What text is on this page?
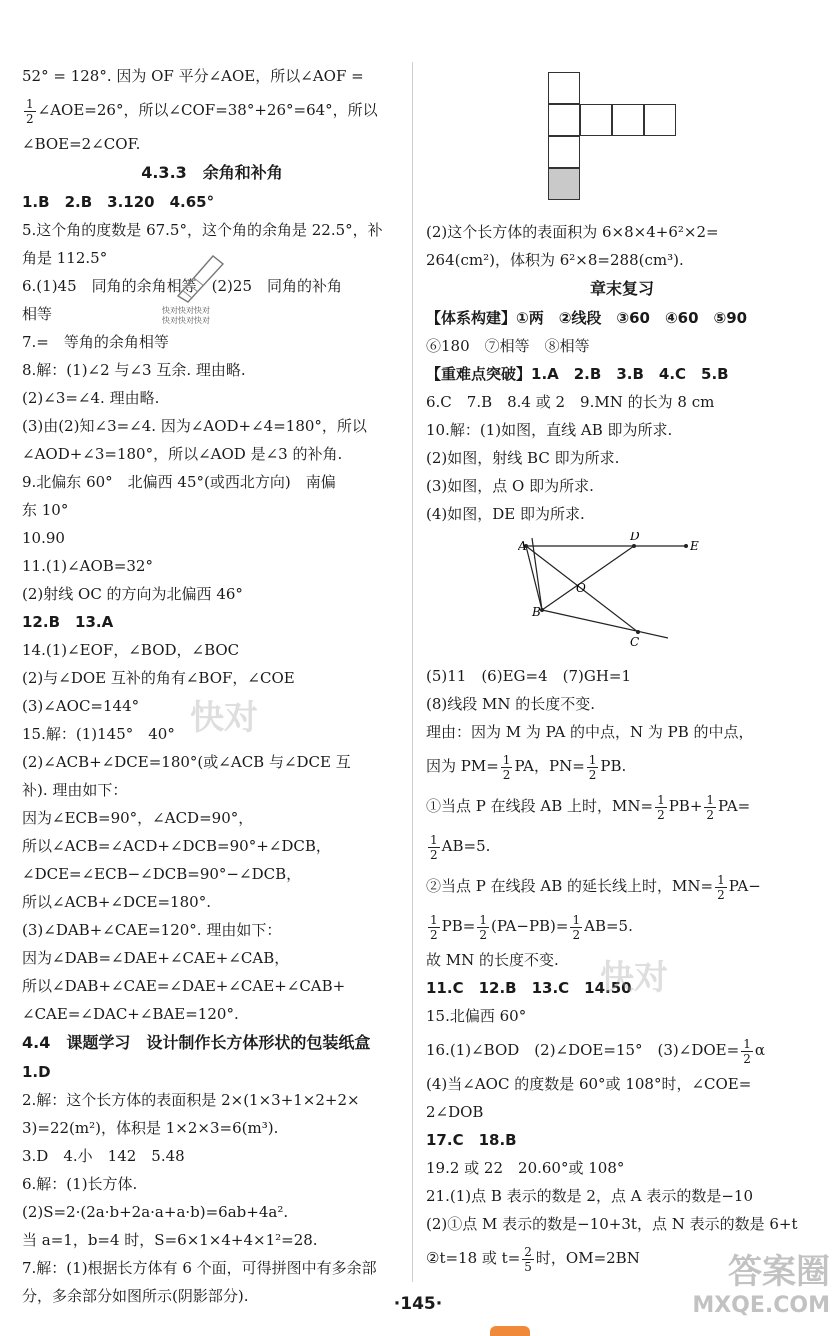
52° = 128°. 因为 OF 平分∠AOE，所以∠AOF =
$\frac{1}{2}$ ∠AOE=26°，所以∠COF=38°+26°=64°，所以
∠BOE=2∠COF.
4.3.3　余角和补角
1.B　2.B　3.120　4.65°
5.这个角的度数是 67.5°，这个角的余角是 22.5°，补
角是 112.5°
6.(1)45　同角的余角相等　(2)25　同角的补角
相等
7.=　等角的余角相等
8.解：(1)∠2 与∠3 互余. 理由略.
(2)∠3=∠4. 理由略.
(3)由(2)知∠3=∠4. 因为∠AOD+∠4=180°，所以
∠AOD+∠3=180°，所以∠AOD 是∠3 的补角.
9.北偏东 60°　北偏西 45°(或西北方向)　南偏
东 10°
10.90
11.(1)∠AOB=32°
(2)射线 OC 的方向为北偏西 46°
12.B　13.A
14.(1)∠EOF，∠BOD，∠BOC
(2)与∠DOE 互补的角有∠BOF，∠COE
(3)∠AOC=144°
15.解：(1)145°　40°
(2)∠ACB+∠DCE=180°(或∠ACB 与∠DCE 互
补). 理由如下：
因为∠ECB=90°，∠ACD=90°，
所以∠ACB=∠ACD+∠DCB=90°+∠DCB，
∠DCE=∠ECB−∠DCB=90°−∠DCB，
所以∠ACB+∠DCE=180°.
(3)∠DAB+∠CAE=120°. 理由如下：
因为∠DAB=∠DAE+∠CAE+∠CAB，
所以∠DAB+∠CAE=∠DAE+∠CAE+∠CAB+
∠CAE=∠DAC+∠BAE=120°.
4.4　课题学习　设计制作长方体形状的包装纸盒
1.D
2.解：这个长方体的表面积是 2×(1×3+1×2+2×
3)=22(m²)，体积是 1×2×3=6(m³).
3.D　4.小　142　5.48
6.解：(1)长方体.
(2)S=2·(2a·b+2a·a+a·b)=6ab+4a².
当 a=1，b=4 时，S=6×1×4+4×1²=28.
7.解：(1)根据长方体有 6 个面，可得拼图中有多余部
分，多余部分如图所示(阴影部分).
快对快对快对
快对快对快对
(2)这个长方体的表面积为 6×8×4+6²×2=
264(cm²)，体积为 6²×8=288(cm³).
章末复习
【体系构建】①两　②线段　③60　④60　⑤90
⑥180　⑦相等　⑧相等
【重难点突破】1.A　2.B　3.B　4.C　5.B
6.C　7.B　8.4 或 2　9.MN 的长为 8 cm
10.解：(1)如图，直线 AB 即为所求.
(2)如图，射线 BC 即为所求.
(3)如图，点 O 即为所求.
(4)如图，DE 即为所求.
A
D
E
B
C
O
(5)11　(6)EG=4　(7)GH=1
(8)线段 MN 的长度不变.
理由：因为 M 为 PA 的中点，N 为 PB 的中点，
因为 $PM= \frac{1}{2}$ PA，$PN= \frac{1}{2}$ PB.
①当点 P 在线段 AB 上时，$MN= \frac{1}{2} PB+ \frac{1}{2} PA=$
$\frac{1}{2} AB=5$.
②当点 P 在线段 AB 的延长线上时，$MN= \frac{1}{2} PA-$
$\frac{1}{2} PB= \frac{1}{2} (PA-PB)= \frac{1}{2} AB=5$.
故 MN 的长度不变.
11.C　12.B　13.C　14.50
15.北偏西 60°
16.(1)∠BOD　(2)∠DOE=15°　(3)∠DOE= $\frac{1}{2}$ α
(4)当∠AOC 的度数是 60°或 108°时，∠COE=
2∠DOB
17.C　18.B
19.2 或 22　20.60°或 108°
21.(1)点 B 表示的数是 2，点 A 表示的数是−10
(2)①点 M 表示的数是−10+3t，点 N 表示的数是 6+t
②t=18 或 $t= \frac{2}{5}$ 时，OM=2BN
快对
快对
·145·
答案圈
MXQE.COM
